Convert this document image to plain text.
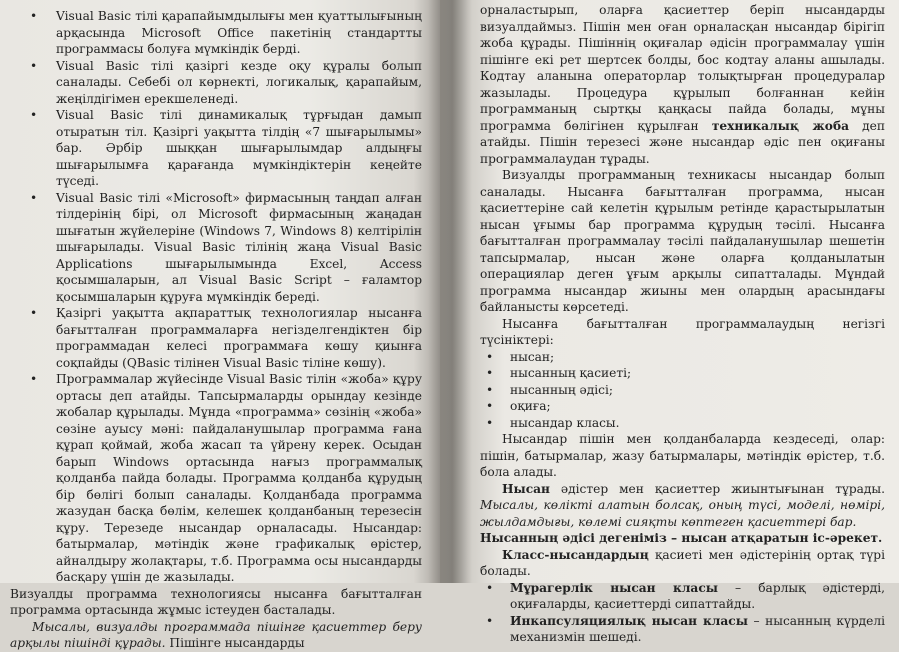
• Visual Basic тілі қарапайымдылығы мен қуаттылығының арқасында Microsoft Office пакетінің стандартты программасы болуға мүмкіндік берді.

• Visual Basic тілі қазіргі кезде оқу құралы болып саналады. Себебі ол көрнекті, логикалық, қарапайым, жеңілдігімен ерекшеленеді.

• Visual Basic тілі динамикалық тұрғыдан дамып отыратын тіл. Қазіргі уақытта тілдің «7 шығарылымы» бар. Әрбір шыққан шығарылымдар алдыңғы шығарылымға қарағанда мүмкіндіктерін кеңейте түседі.

• Visual Basic тілі «Microsoft» фирмасының таңдап алған тілдерінің бірі, ол Microsoft фирмасының жаңадан шығатын жүйелеріне (Windows 7, Windows 8) келтірілін шығарылады. Visual Basic тілінің жаңа Visual Basic Applications шығарылымында Excel, Access қосымшаларын, ал Visual Basic Script – ғаламтор қосымшаларын құруға мүмкіндік береді.

• Қазіргі уақытта ақпараттық технологиялар нысанға бағытталған программаларға негізделгендіктен бір программадан келесі программаға көшу қиынға соқпайды (QBasic тілінен Visual Basic тіліне көшу).

• Программалар жүйесінде Visual Basic тілін «жоба» құру ортасы деп атайды. Тапсырмаларды орындау кезінде жобалар құрылады. Мұнда «программа» сөзінің «жоба» сөзіне ауысу мәні: пайдаланушылар программа ғана құрап қоймай, жоба жасап та үйрену керек. Осыдан барып Windows ортасында нағыз программалық қолданба пайда болады. Программа қолданба құрудың бір бөлігі болып саналады. Қолданбада программа жазудан басқа бөлім, келешек қолданбаның терезесін құру. Терезеде нысандар орналасады. Нысандар: батырмалар, мәтіндік және графикалық өрістер, айналдыру жолақтары, т.б. Программа осы нысандарды басқару үшін де жазылады.

Визуалды программа технологиясы нысанға бағытталған программа ортасында жұмыс істеуден басталады.

Мысалы, визуалды программада пішінге қасиеттер беру арқылы пішінді құрады. Пішінге нысандарды

орналастырып, оларға қасиеттер беріп нысандарды визуалдаймыз. Пішін мен оған орналасқан нысандар бірігіп жоба құрады. Пішіннің оқиғалар әдісін программалау үшін пішінге екі рет шертсек болды, бос кодтау аланы ашылады. Кодтау аланына операторлар толықтырған процедуралар жазылады. Процедура құрылып болғаннан кейін программаның сыртқы қаңқасы пайда болады, мұны программа бөлігінен құрылған техникалық жоба деп атайды. Пішін терезесі және нысандар әдіс пен оқиғаны программалаудан тұрады.

Визуалды программаның техникасы нысандар болып саналады. Нысанға бағытталған программа, нысан қасиеттеріне сай келетін құрылым ретінде қарастырылатын нысан ұғымы бар программа құрудың тәсілі. Нысанға бағытталған программалау тәсілі пайдаланушылар шешетін тапсырмалар, нысан және оларға қолданылатын операциялар деген ұғым арқылы сипатталады. Мұндай программа нысандар жиыны мен олардың арасындағы байланысты көрсетеді.

Нысанға бағытталған программалаудың негізгі түсініктері:

• нысан;

• нысанның қасиеті;

• нысанның әдісі;

• оқиға;

• нысандар класы.

Нысандар пішін мен қолданбаларда кездеседі, олар: пішін, батырмалар, жазу батырмалары, мәтіндік өрістер, т.б. бола алады.

Нысан әдістер мен қасиеттер жиынтығынан тұрады. Мысалы, көлікті алатын болсақ, оның түсі, моделі, нөмірі, жылдамдығы, көлемі сияқты көптеген қасиеттері бар.

Нысанның әдісі дегеніміз – нысан атқаратын іс-әрекет.

Класс-нысандардың қасиеті мен әдістерінің ортақ түрі болады.

• Мұрагерлік нысан класы – барлық әдістерді, оқиғаларды, қасиеттерді сипаттайды.

• Инкапсуляциялық нысан класы – нысанның күрделі механизмін шешеді.
